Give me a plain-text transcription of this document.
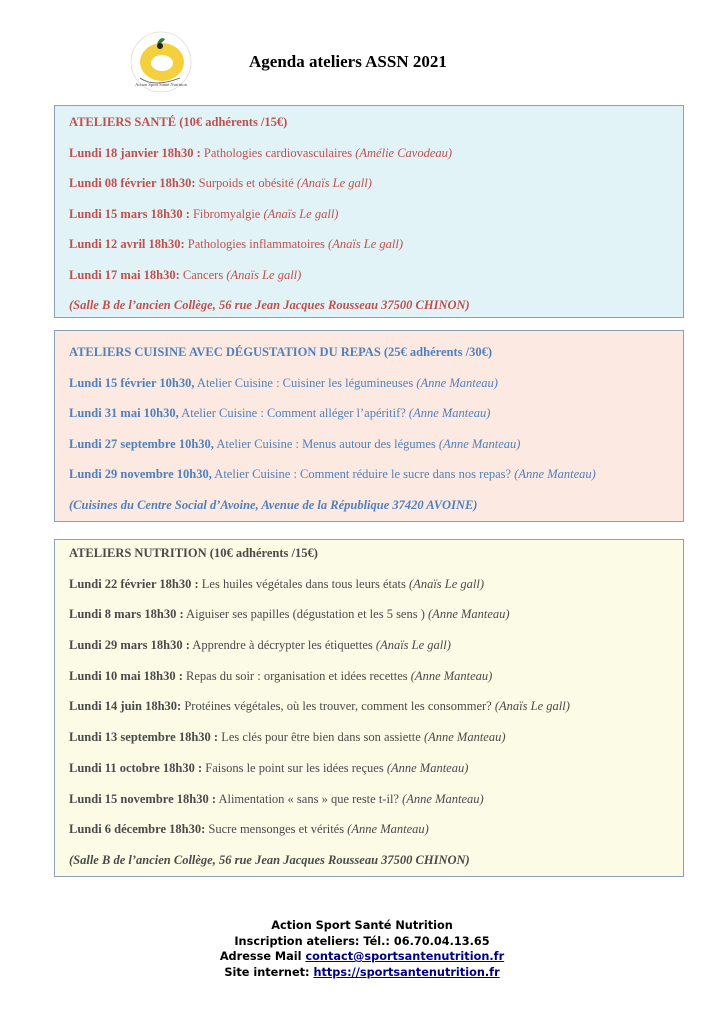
Action Sport Santé Nutrition
Agenda ateliers ASSN 2021
ATELIERS SANTÉ (10€ adhérents /15€)
Lundi 18 janvier 18h30 : Pathologies cardiovasculaires (Amélie Cavodeau)
Lundi 08 février 18h30: Surpoids et obésité (Anaïs Le gall)
Lundi 15 mars 18h30 : Fibromyalgie (Anaïs Le gall)
Lundi 12 avril 18h30: Pathologies inflammatoires (Anaïs Le gall)
Lundi 17 mai 18h30: Cancers (Anaïs Le gall)
(Salle B de l’ancien Collège, 56 rue Jean Jacques Rousseau 37500 CHINON)
ATELIERS CUISINE AVEC DÉGUSTATION DU REPAS (25€ adhérents /30€)
Lundi 15 février 10h30, Atelier Cuisine : Cuisiner les légumineuses (Anne Manteau)
Lundi 31 mai 10h30, Atelier Cuisine : Comment alléger l’apéritif? (Anne Manteau)
Lundi 27 septembre 10h30, Atelier Cuisine : Menus autour des légumes (Anne Manteau)
Lundi 29 novembre 10h30, Atelier Cuisine : Comment réduire le sucre dans nos repas? (Anne Manteau)
(Cuisines du Centre Social d’Avoine, Avenue de la République 37420 AVOINE)
ATELIERS NUTRITION (10€ adhérents /15€)
Lundi 22 février 18h30 : Les huiles végétales dans tous leurs états (Anaïs Le gall)
Lundi 8 mars 18h30 : Aiguiser ses papilles (dégustation et les 5 sens ) (Anne Manteau)
Lundi 29 mars 18h30 : Apprendre à décrypter les étiquettes (Anaïs Le gall)
Lundi 10 mai 18h30 : Repas du soir : organisation et idées recettes (Anne Manteau)
Lundi 14 juin 18h30: Protéines végétales, où les trouver, comment les consommer? (Anaïs Le gall)
Lundi 13 septembre 18h30 : Les clés pour être bien dans son assiette (Anne Manteau)
Lundi 11 octobre 18h30 : Faisons le point sur les idées reçues (Anne Manteau)
Lundi 15 novembre 18h30 : Alimentation « sans » que reste t-il? (Anne Manteau)
Lundi 6 décembre 18h30: Sucre mensonges et vérités (Anne Manteau)
(Salle B de l’ancien Collège, 56 rue Jean Jacques Rousseau 37500 CHINON)
Action Sport Santé Nutrition
Inscription ateliers: Tél.: 06.70.04.13.65
Adresse Mail contact@sportsantenutrition.fr
Site internet: https://sportsantenutrition.fr
